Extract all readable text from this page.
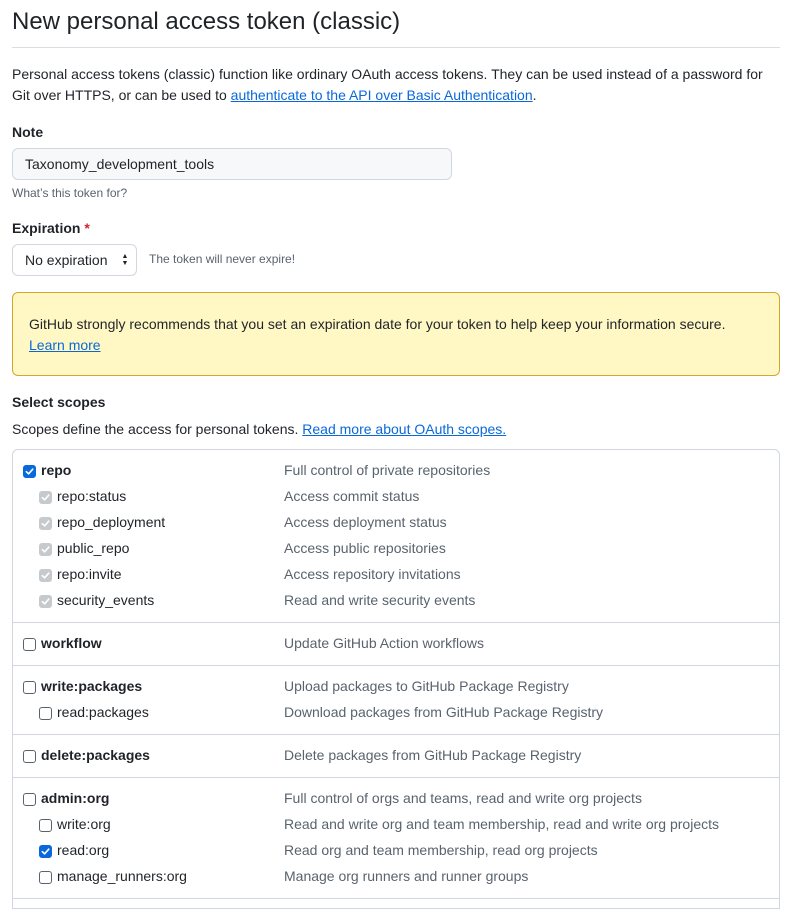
New personal access token (classic)

Personal access tokens (classic) function like ordinary OAuth access tokens. They can be used instead of a password for Git over HTTPS, or can be used to authenticate to the API over Basic Authentication.

Note
Taxonomy_development_tools
What’s this token for?
Expiration *
No expiration ▲
▼ The token will never expire!
GitHub strongly recommends that you set an expiration date for your token to help keep your information secure. Learn more
Select scopes
Scopes define the access for personal tokens. Read more about OAuth scopes.
repo	Full control of private repositories
repo:status	Access commit status
repo_deployment	Access deployment status
public_repo	Access public repositories
repo:invite	Access repository invitations
security_events	Read and write security events
workflow	Update GitHub Action workflows
write:packages	Upload packages to GitHub Package Registry
read:packages	Download packages from GitHub Package Registry
delete:packages	Delete packages from GitHub Package Registry
admin:org	Full control of orgs and teams, read and write org projects
write:org	Read and write org and team membership, read and write org projects
read:org	Read org and team membership, read org projects
manage_runners:org	Manage org runners and runner groups
